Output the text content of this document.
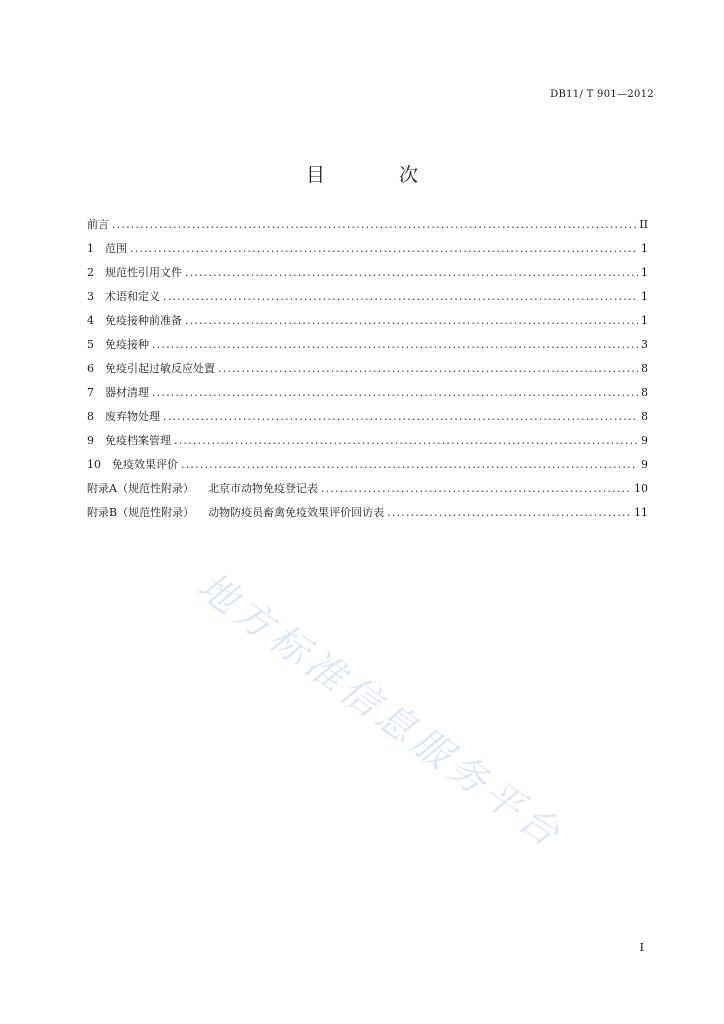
DB11/ T 901—2012
目 次
前言 .....	II
1 范围 .....	1
2 规范性引用文件 .....	1
3 术语和定义 .....	1
4 免疫接种前准备 .....	1
5 免疫接种 .....	3
6 免疫引起过敏反应处置 .....	8
7 器材清理 .....	8
8 废弃物处理 .....	8
9 免疫档案管理 .....	9
10 免疫效果评价 .....	9
附录A（规范性附录） 北京市动物免疫登记表 .....	10
附录B（规范性附录） 动物防疫员畜禽免疫效果评价回访表 .....	11
地方标准信息服务平台
I
